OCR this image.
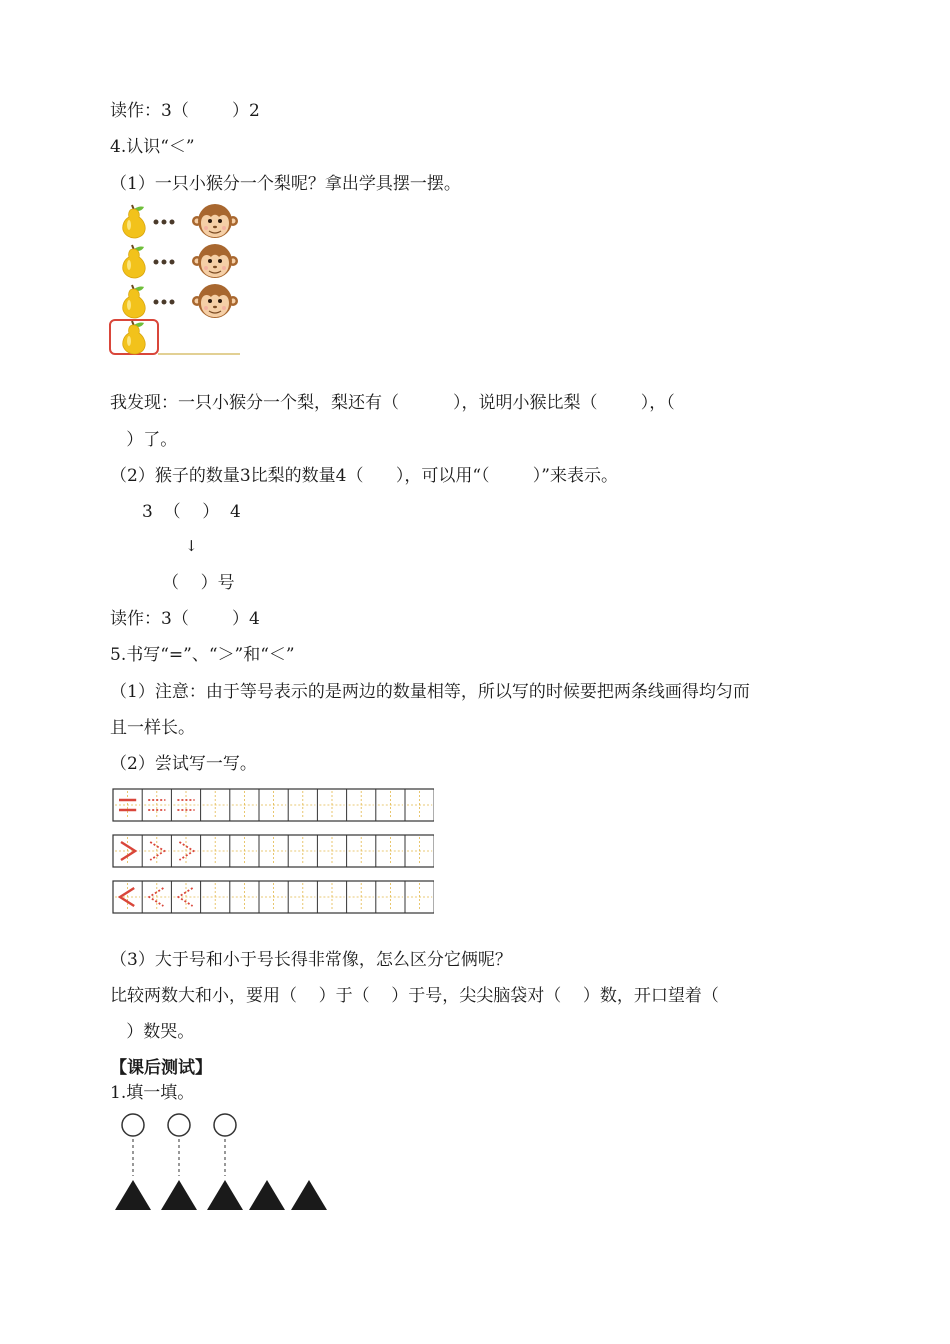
读作：3（        ）2
4.认识“＜”
（1）一只小猴分一个梨呢？拿出学具摆一摆。
我发现：一只小猴分一个梨，梨还有（          ），说明小猴比梨（        ），（
）了。
（2）猴子的数量3比梨的数量4（      ），可以用“（        ）”来表示。
3  （    ）  4
↓
（    ）号
读作：3（        ）4
5.书写“=”、“＞”和“＜”
（1）注意：由于等号表示的是两边的数量相等，所以写的时候要把两条线画得均匀而
且一样长。
（2）尝试写一写。
（3）大于号和小于号长得非常像，怎么区分它俩呢？
比较两数大和小，要用（    ）于（    ）于号，尖尖脑袋对（    ）数，开口望着（
）数哭。
【课后测试】
1.填一填。
